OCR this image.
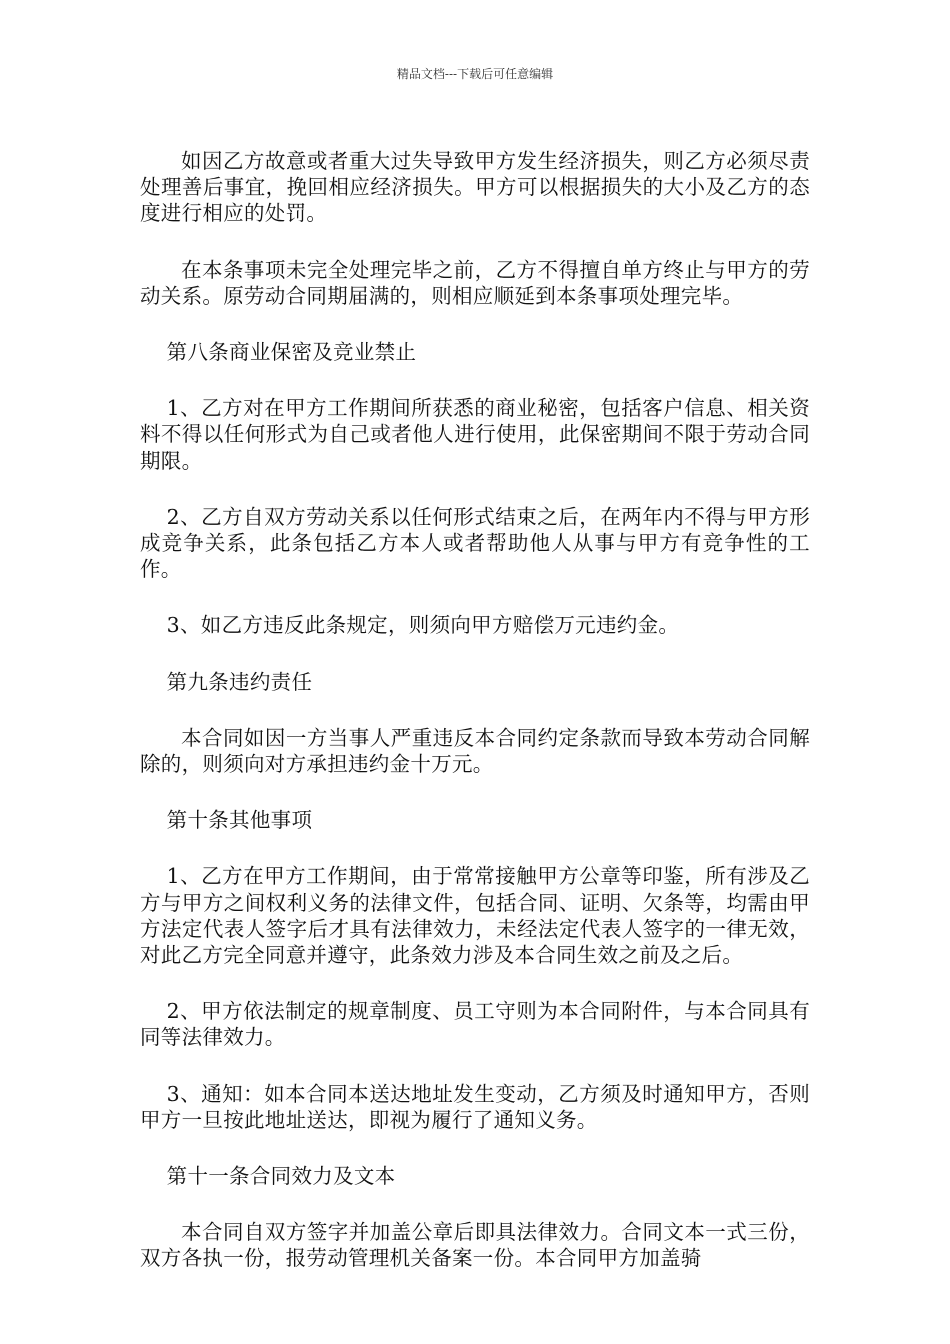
精品文档---下载后可任意编辑

如因乙方故意或者重大过失导致甲方发生经济损失，则乙方必须尽责处理善后事宜，挽回相应经济损失。甲方可以根据损失的大小及乙方的态度进行相应的处罚。

在本条事项未完全处理完毕之前，乙方不得擅自单方终止与甲方的劳动关系。原劳动合同期届满的，则相应顺延到本条事项处理完毕。

第八条商业保密及竞业禁止

1、乙方对在甲方工作期间所获悉的商业秘密，包括客户信息、相关资料不得以任何形式为自己或者他人进行使用，此保密期间不限于劳动合同期限。

2、乙方自双方劳动关系以任何形式结束之后，在两年内不得与甲方形成竞争关系，此条包括乙方本人或者帮助他人从事与甲方有竞争性的工作。

3、如乙方违反此条规定，则须向甲方赔偿万元违约金。

第九条违约责任

本合同如因一方当事人严重违反本合同约定条款而导致本劳动合同解除的，则须向对方承担违约金十万元。

第十条其他事项

1、乙方在甲方工作期间，由于常常接触甲方公章等印鉴，所有涉及乙方与甲方之间权利义务的法律文件，包括合同、证明、欠条等，均需由甲方法定代表人签字后才具有法律效力，未经法定代表人签字的一律无效，对此乙方完全同意并遵守，此条效力涉及本合同生效之前及之后。

2、甲方依法制定的规章制度、员工守则为本合同附件，与本合同具有同等法律效力。

3、通知：如本合同本送达地址发生变动，乙方须及时通知甲方，否则甲方一旦按此地址送达，即视为履行了通知义务。

第十一条合同效力及文本

本合同自双方签字并加盖公章后即具法律效力。合同文本一式三份，双方各执一份，报劳动管理机关备案一份。本合同甲方加盖骑
